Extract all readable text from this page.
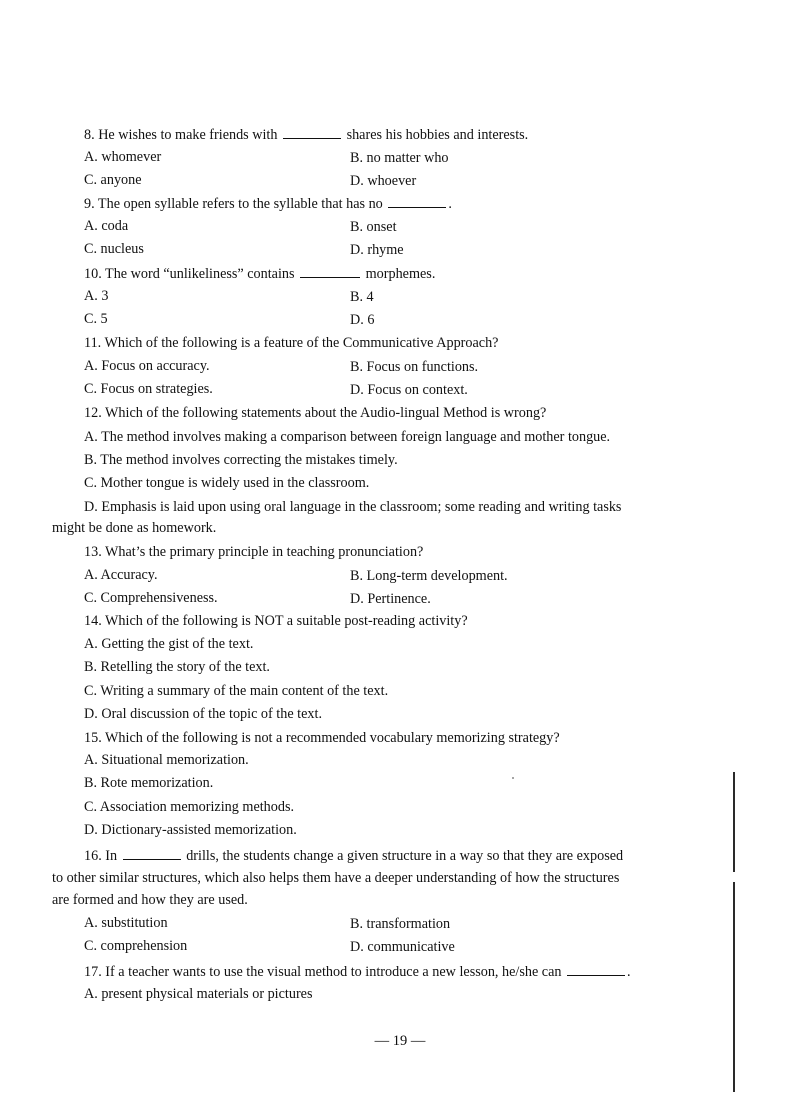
8. He wishes to make friends with	shares his hobbies and interests.
A. whomever	B. no matter who
C. anyone	D. whoever
9. The open syllable refers to the syllable that has no	.
A. coda	B. onset
C. nucleus	D. rhyme
10. The word “unlikeliness” contains	morphemes.
A. 3	B. 4
C. 5	D. 6
11. Which of the following is a feature of the Communicative Approach?
A. Focus on accuracy.	B. Focus on functions.
C. Focus on strategies.	D. Focus on context.
12. Which of the following statements about the Audio-lingual Method is wrong?
A. The method involves making a comparison between foreign language and mother tongue.
B. The method involves correcting the mistakes timely.
C. Mother tongue is widely used in the classroom.
D. Emphasis is laid upon using oral language in the classroom; some reading and writing tasks
might be done as homework.
13. What’s the primary principle in teaching pronunciation?
A. Accuracy.	B. Long-term development.
C. Comprehensiveness.	D. Pertinence.
14. Which of the following is NOT a suitable post-reading activity?
A. Getting the gist of the text.
B. Retelling the story of the text.
C. Writing a summary of the main content of the text.
D. Oral discussion of the topic of the text.
15. Which of the following is not a recommended vocabulary memorizing strategy?
A. Situational memorization.
B. Rote memorization.
C. Association memorizing methods.
D. Dictionary-assisted memorization.
16. In	drills, the students change a given structure in a way so that they are exposed
to other similar structures, which also helps them have a deeper understanding of how the structures
are formed and how they are used.
A. substitution	B. transformation
C. comprehension	D. communicative
17. If a teacher wants to use the visual method to introduce a new lesson, he/she can	.
A. present physical materials or pictures
— 19 —
